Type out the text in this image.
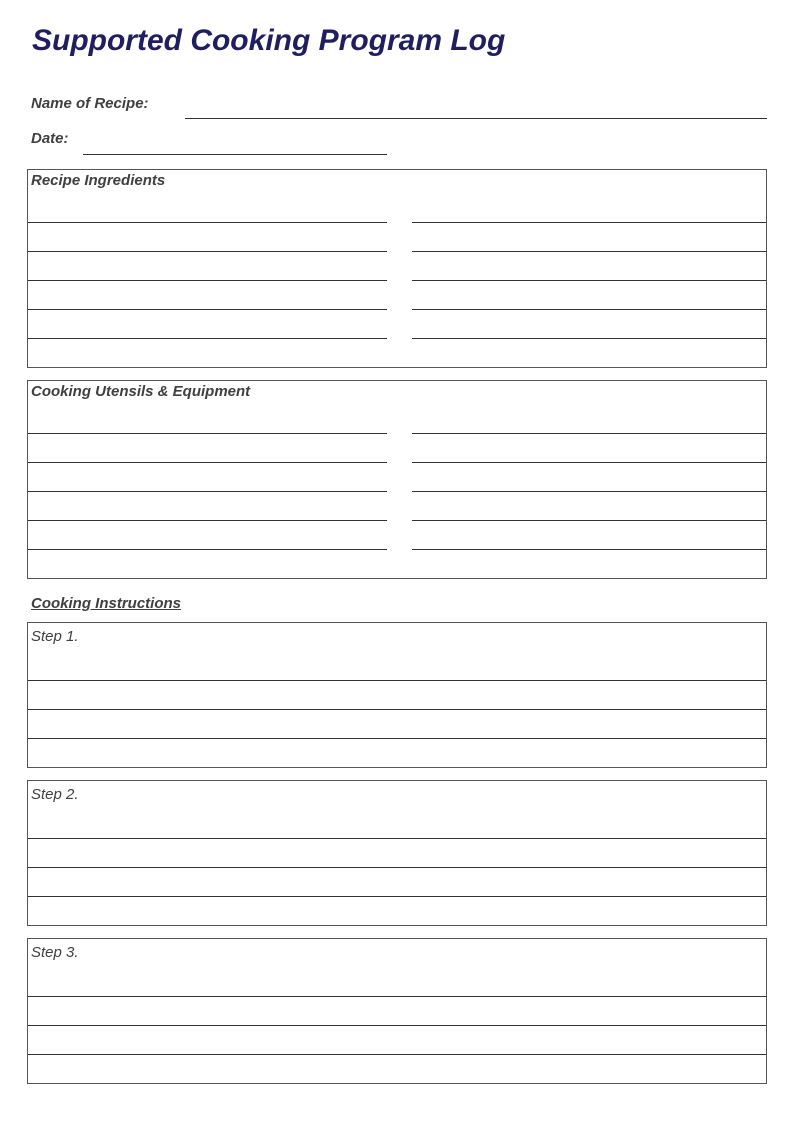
Supported Cooking Program Log
Name of Recipe:
Date:
Recipe Ingredients
Cooking Utensils & Equipment
Cooking Instructions
Step 1.
Step 2.
Step 3.
